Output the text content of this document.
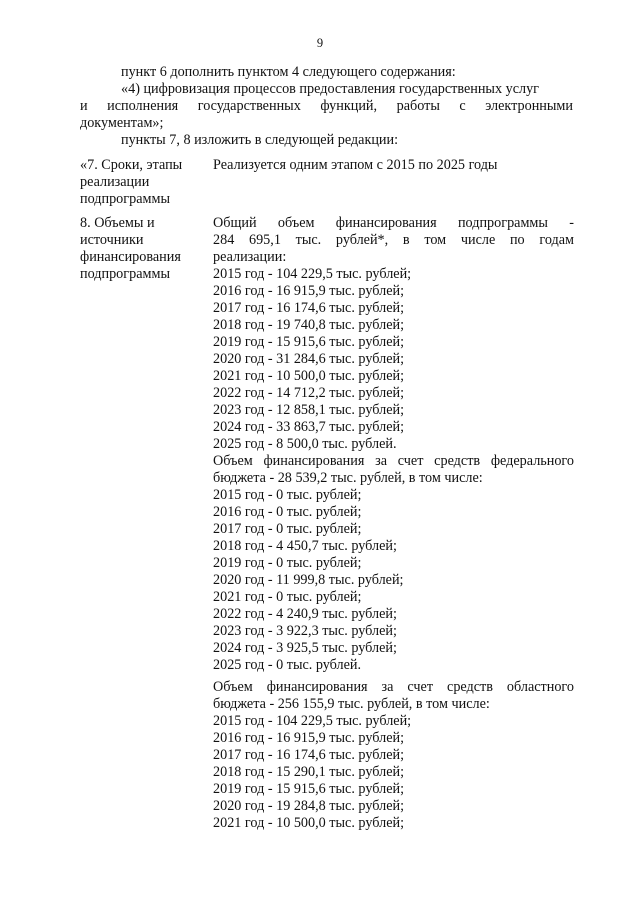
9
пункт 6 дополнить пунктом 4 следующего содержания:
«4) цифровизация процессов предоставления государственных услуг
и исполнения государственных функций, работы с электронными
документам»;
пункты 7, 8 изложить в следующей редакции:
«7. Сроки, этапы
реализации
подпрограммы
Реализуется одним этапом с 2015 по 2025 годы
8. Объемы и
источники
финансирования
подпрограммы
Общий объем финансирования подпрограммы -
284 695,1 тыс. рублей*, в том числе по годам
реализации:
2015 год - 104 229,5 тыс. рублей;
2016 год - 16 915,9 тыс. рублей;
2017 год - 16 174,6 тыс. рублей;
2018 год - 19 740,8 тыс. рублей;
2019 год - 15 915,6 тыс. рублей;
2020 год - 31 284,6 тыс. рублей;
2021 год - 10 500,0 тыс. рублей;
2022 год - 14 712,2 тыс. рублей;
2023 год - 12 858,1 тыс. рублей;
2024 год - 33 863,7 тыс. рублей;
2025 год - 8 500,0 тыс. рублей.
Объем финансирования за счет средств федерального
бюджета - 28 539,2 тыс. рублей, в том числе:
2015 год - 0 тыс. рублей;
2016 год - 0 тыс. рублей;
2017 год - 0 тыс. рублей;
2018 год - 4 450,7 тыс. рублей;
2019 год - 0 тыс. рублей;
2020 год - 11 999,8 тыс. рублей;
2021 год - 0 тыс. рублей;
2022 год - 4 240,9 тыс. рублей;
2023 год - 3 922,3 тыс. рублей;
2024 год - 3 925,5 тыс. рублей;
2025 год - 0 тыс. рублей.
Объем финансирования за счет средств областного
бюджета - 256 155,9 тыс. рублей, в том числе:
2015 год - 104 229,5 тыс. рублей;
2016 год - 16 915,9 тыс. рублей;
2017 год - 16 174,6 тыс. рублей;
2018 год - 15 290,1 тыс. рублей;
2019 год - 15 915,6 тыс. рублей;
2020 год - 19 284,8 тыс. рублей;
2021 год - 10 500,0 тыс. рублей;
